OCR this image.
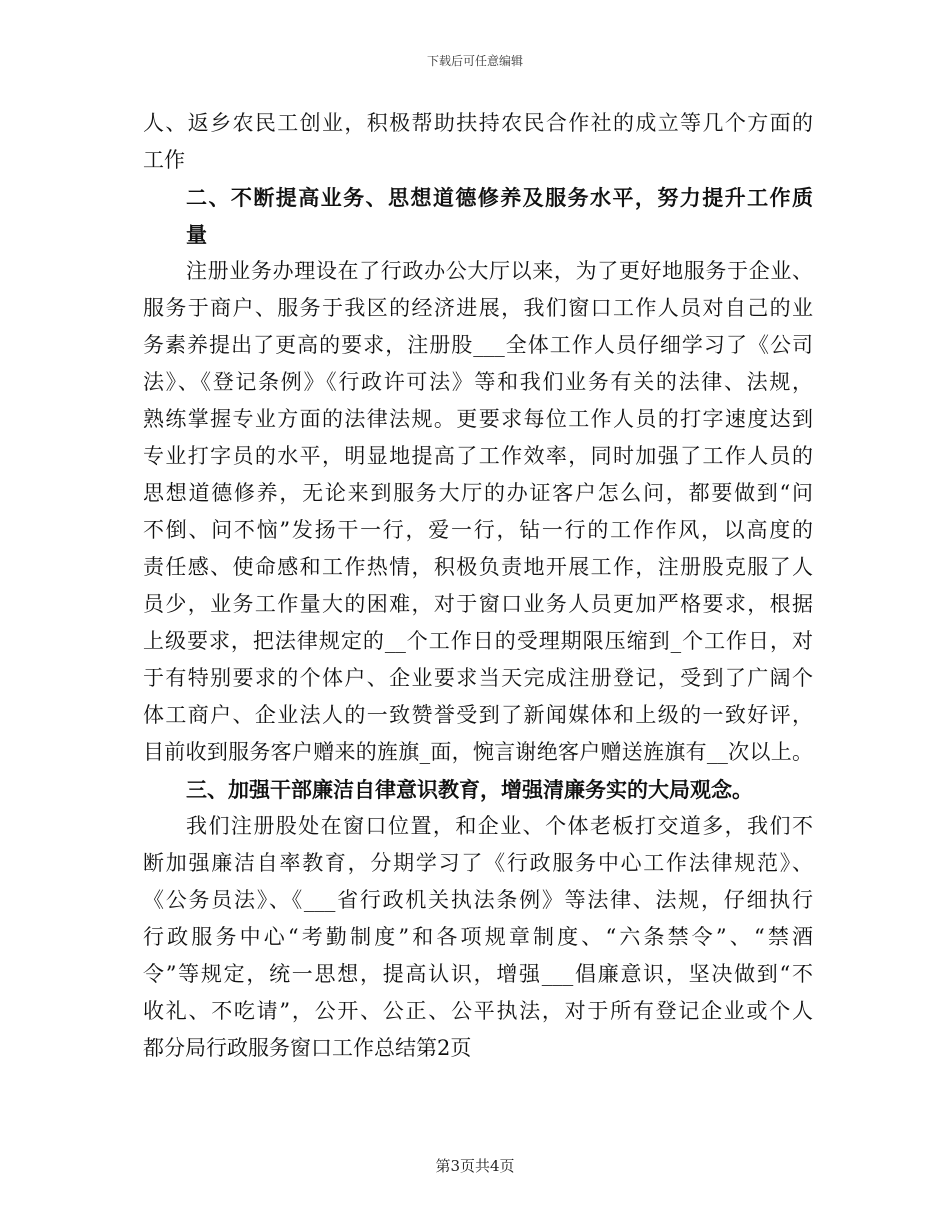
下载后可任意编辑
人、返乡农民工创业，积极帮助扶持农民合作社的成立等几个方面的
工作
二、不断提高业务、思想道德修养及服务水平，努力提升工作质
量
注册业务办理设在了行政办公大厅以来，为了更好地服务于企业、
服务于商户、服务于我区的经济进展，我们窗口工作人员对自己的业
务素养提出了更高的要求，注册股___全体工作人员仔细学习了《公司
法》、《登记条例》《行政许可法》等和我们业务有关的法律、法规，
熟练掌握专业方面的法律法规。更要求每位工作人员的打字速度达到
专业打字员的水平，明显地提高了工作效率，同时加强了工作人员的
思想道德修养，无论来到服务大厅的办证客户怎么问，都要做到“问
不倒、问不恼”发扬干一行，爱一行，钻一行的工作作风，以高度的
责任感、使命感和工作热情，积极负责地开展工作，注册股克服了人
员少，业务工作量大的困难，对于窗口业务人员更加严格要求，根据
上级要求，把法律规定的__个工作日的受理期限压缩到_个工作日，对
于有特别要求的个体户、企业要求当天完成注册登记，受到了广阔个
体工商户、企业法人的一致赞誉受到了新闻媒体和上级的一致好评，
目前收到服务客户赠来的旌旗_面，惋言谢绝客户赠送旌旗有__次以上。
三、加强干部廉洁自律意识教育，增强清廉务实的大局观念。
我们注册股处在窗口位置，和企业、个体老板打交道多，我们不
断加强廉洁自率教育，分期学习了《行政服务中心工作法律规范》、
《公务员法》、《___省行政机关执法条例》等法律、法规，仔细执行
行政服务中心“考勤制度”和各项规章制度、“六条禁令”、“禁酒
令”等规定，统一思想，提高认识，增强___倡廉意识，坚决做到“不
收礼、不吃请”，公开、公正、公平执法，对于所有登记企业或个人
都分局行政服务窗口工作总结第2页
第3页共4页
